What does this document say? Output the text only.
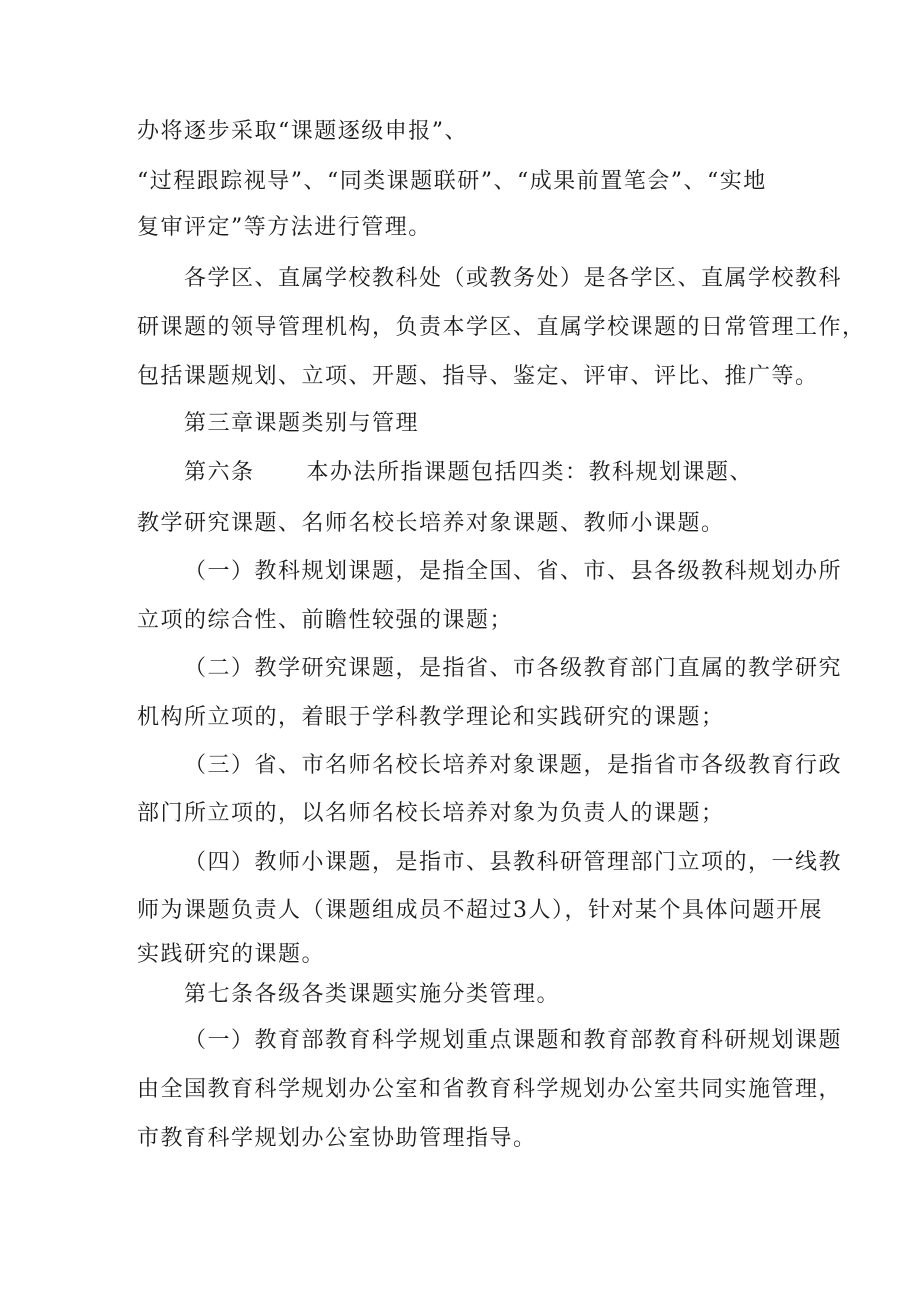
办将逐步采取“课题逐级申报”、
“过程跟踪视导”、“同类课题联研”、“成果前置笔会”、“实地
复审评定”等方法进行管理。
各学区、直属学校教科处（或教务处）是各学区、直属学校教科
研课题的领导管理机构，负责本学区、直属学校课题的日常管理工作，
包括课题规划、立项、开题、指导、鉴定、评审、评比、推广等。
第三章课题类别与管理
第六条 本办法所指课题包括四类：教科规划课题、
教学研究课题、名师名校长培养对象课题、教师小课题。
（一）教科规划课题，是指全国、省、市、县各级教科规划办所
立项的综合性、前瞻性较强的课题；
（二）教学研究课题，是指省、市各级教育部门直属的教学研究
机构所立项的，着眼于学科教学理论和实践研究的课题；
（三）省、市名师名校长培养对象课题，是指省市各级教育行政
部门所立项的，以名师名校长培养对象为负责人的课题；
（四）教师小课题，是指市、县教科研管理部门立项的，一线教
师为课题负责人（课题组成员不超过3人），针对某个具体问题开展
实践研究的课题。
第七条各级各类课题实施分类管理。
（一）教育部教育科学规划重点课题和教育部教育科研规划课题
由全国教育科学规划办公室和省教育科学规划办公室共同实施管理，
市教育科学规划办公室协助管理指导。
